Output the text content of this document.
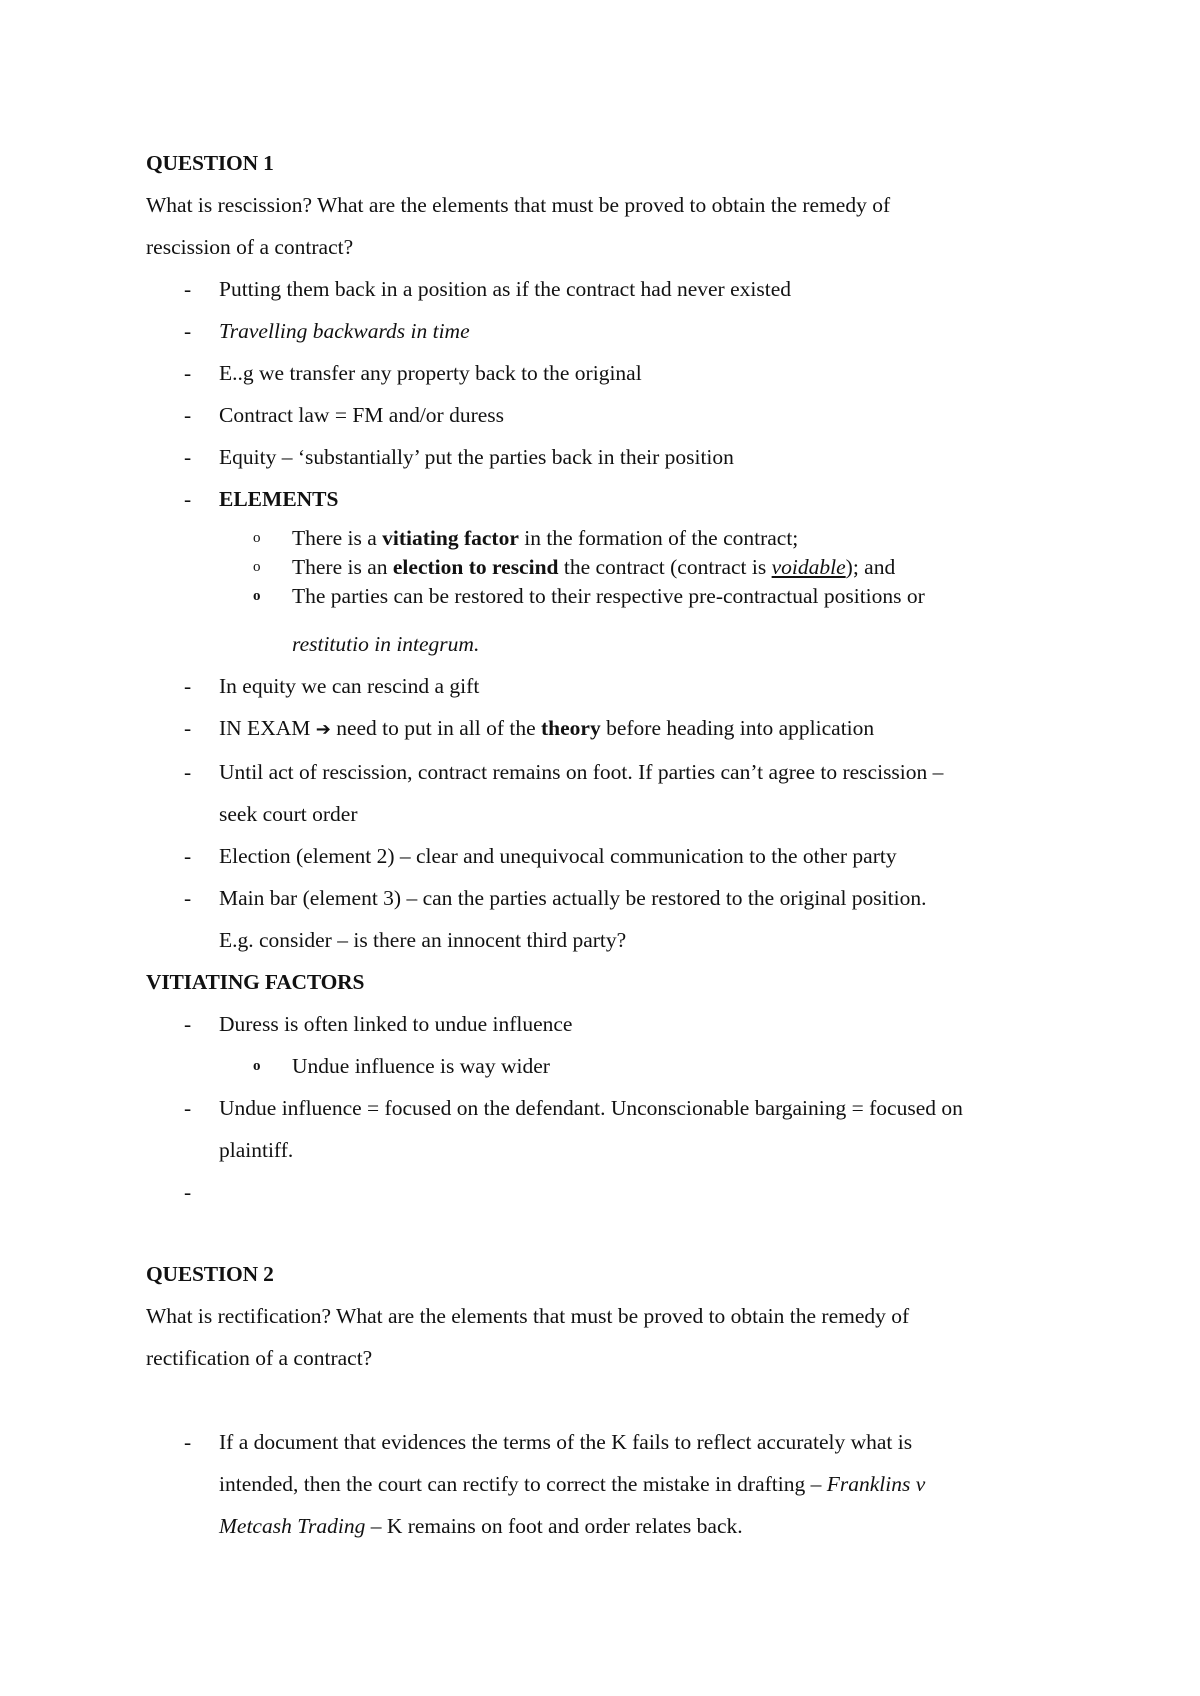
QUESTION 1
What is rescission? What are the elements that must be proved to obtain the remedy of
rescission of a contract?
- Putting them back in a position as if the contract had never existed
- Travelling backwards in time
- E..g we transfer any property back to the original
- Contract law = FM and/or duress
- Equity – ‘substantially’ put the parties back in their position
- ELEMENTS
o There is a vitiating factor in the formation of the contract;
o There is an election to rescind the contract (contract is voidable); and
o The parties can be restored to their respective pre-contractual positions or
restitutio in integrum.
- In equity we can rescind a gift
- IN EXAM ➔ need to put in all of the theory before heading into application
- Until act of rescission, contract remains on foot. If parties can’t agree to rescission –
seek court order
- Election (element 2) – clear and unequivocal communication to the other party
- Main bar (element 3) – can the parties actually be restored to the original position.
E.g. consider – is there an innocent third party?
VITIATING FACTORS
- Duress is often linked to undue influence
o Undue influence is way wider
- Undue influence = focused on the defendant. Unconscionable bargaining = focused on
plaintiff.
-

QUESTION 2
What is rectification? What are the elements that must be proved to obtain the remedy of
rectification of a contract?
- If a document that evidences the terms of the K fails to reflect accurately what is
intended, then the court can rectify to correct the mistake in drafting – Franklins v
Metcash Trading – K remains on foot and order relates back.
